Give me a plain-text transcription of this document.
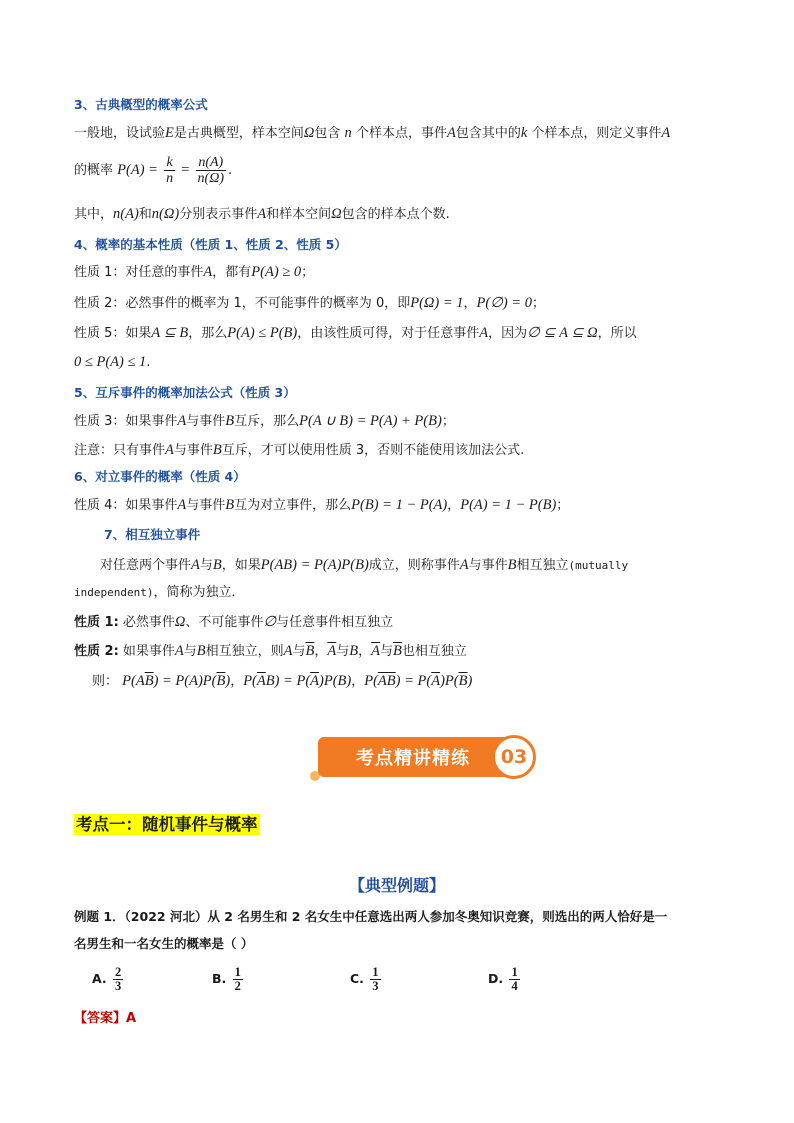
3、古典概型的概率公式
一般地，设试验E是古典概型，样本空间Ω包含 n 个样本点，事件A包含其中的k 个样本点，则定义事件A
的概率 $P(A) = \frac{k}{n} = \frac{n(A)}{n(\Omega)}$ .
其中，n(A)和n(Ω)分别表示事件A和样本空间Ω包含的样本点个数.
4、概率的基本性质（性质 1、性质 2、性质 5）
性质 1：对任意的事件A，都有P(A) ≥ 0；
性质 2：必然事件的概率为 1，不可能事件的概率为 0，即P(Ω) = 1，P(∅) = 0；
性质 5：如果A ⊆ B，那么P(A) ≤ P(B)，由该性质可得，对于任意事件A，因为∅ ⊆ A ⊆ Ω，所以
0 ≤ P(A) ≤ 1.
5、互斥事件的概率加法公式（性质 3）
性质 3：如果事件A与事件B互斥，那么P(A ∪ B) = P(A) + P(B)；
注意：只有事件A与事件B互斥，才可以使用性质 3，否则不能使用该加法公式.
6、对立事件的概率（性质 4）
性质 4：如果事件A与事件B互为对立事件，那么P(B) = 1 − P(A)，P(A) = 1 − P(B)；
7、相互独立事件
对任意两个事件A与B，如果P(AB) = P(A)P(B)成立，则称事件A与事件B相互独立(mutually
independent)，简称为独立．
性质 1: 必然事件Ω、不可能事件∅与任意事件相互独立
性质 2: 如果事件A与B相互独立，则A与$\overline{B}$，$\overline{A}$与B，$\overline{A}$与$\overline{B}$也相互独立
则： $P(A\overline{B}) = P(A)P(\overline{B})$，$P(\overline{A}B) = P(\overline{A})P(B)$，$P(\overline{AB}) = P(\overline{A})P(\overline{B})$
考点精讲精练	03
考点一：随机事件与概率
【典型例题】
例题 1．（2022 河北）从 2 名男生和 2 名女生中任意选出两人参加冬奥知识竞赛，则选出的两人恰好是一
名男生和一名女生的概率是（ ）
A. $\frac{2}{3}$	B. $\frac{1}{2}$	C. $\frac{1}{3}$	D. $\frac{1}{4}$
【答案】A
